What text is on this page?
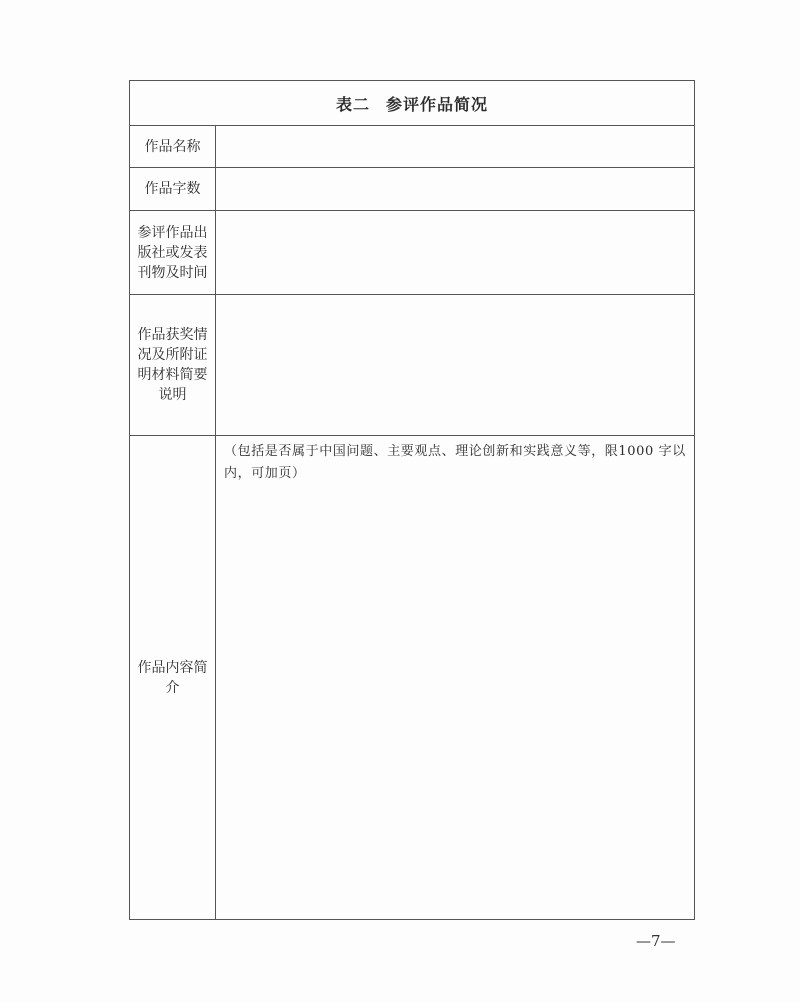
表二 参评作品简况	
作品名称	
作品字数	
参评作品出版社或发表刊物及时间	
作品获奖情况及所附证明材料简要说明	
作品内容简介	（包括是否属于中国问题、主要观点、理论创新和实践意义等，限1000 字以内，可加页）
—7—
